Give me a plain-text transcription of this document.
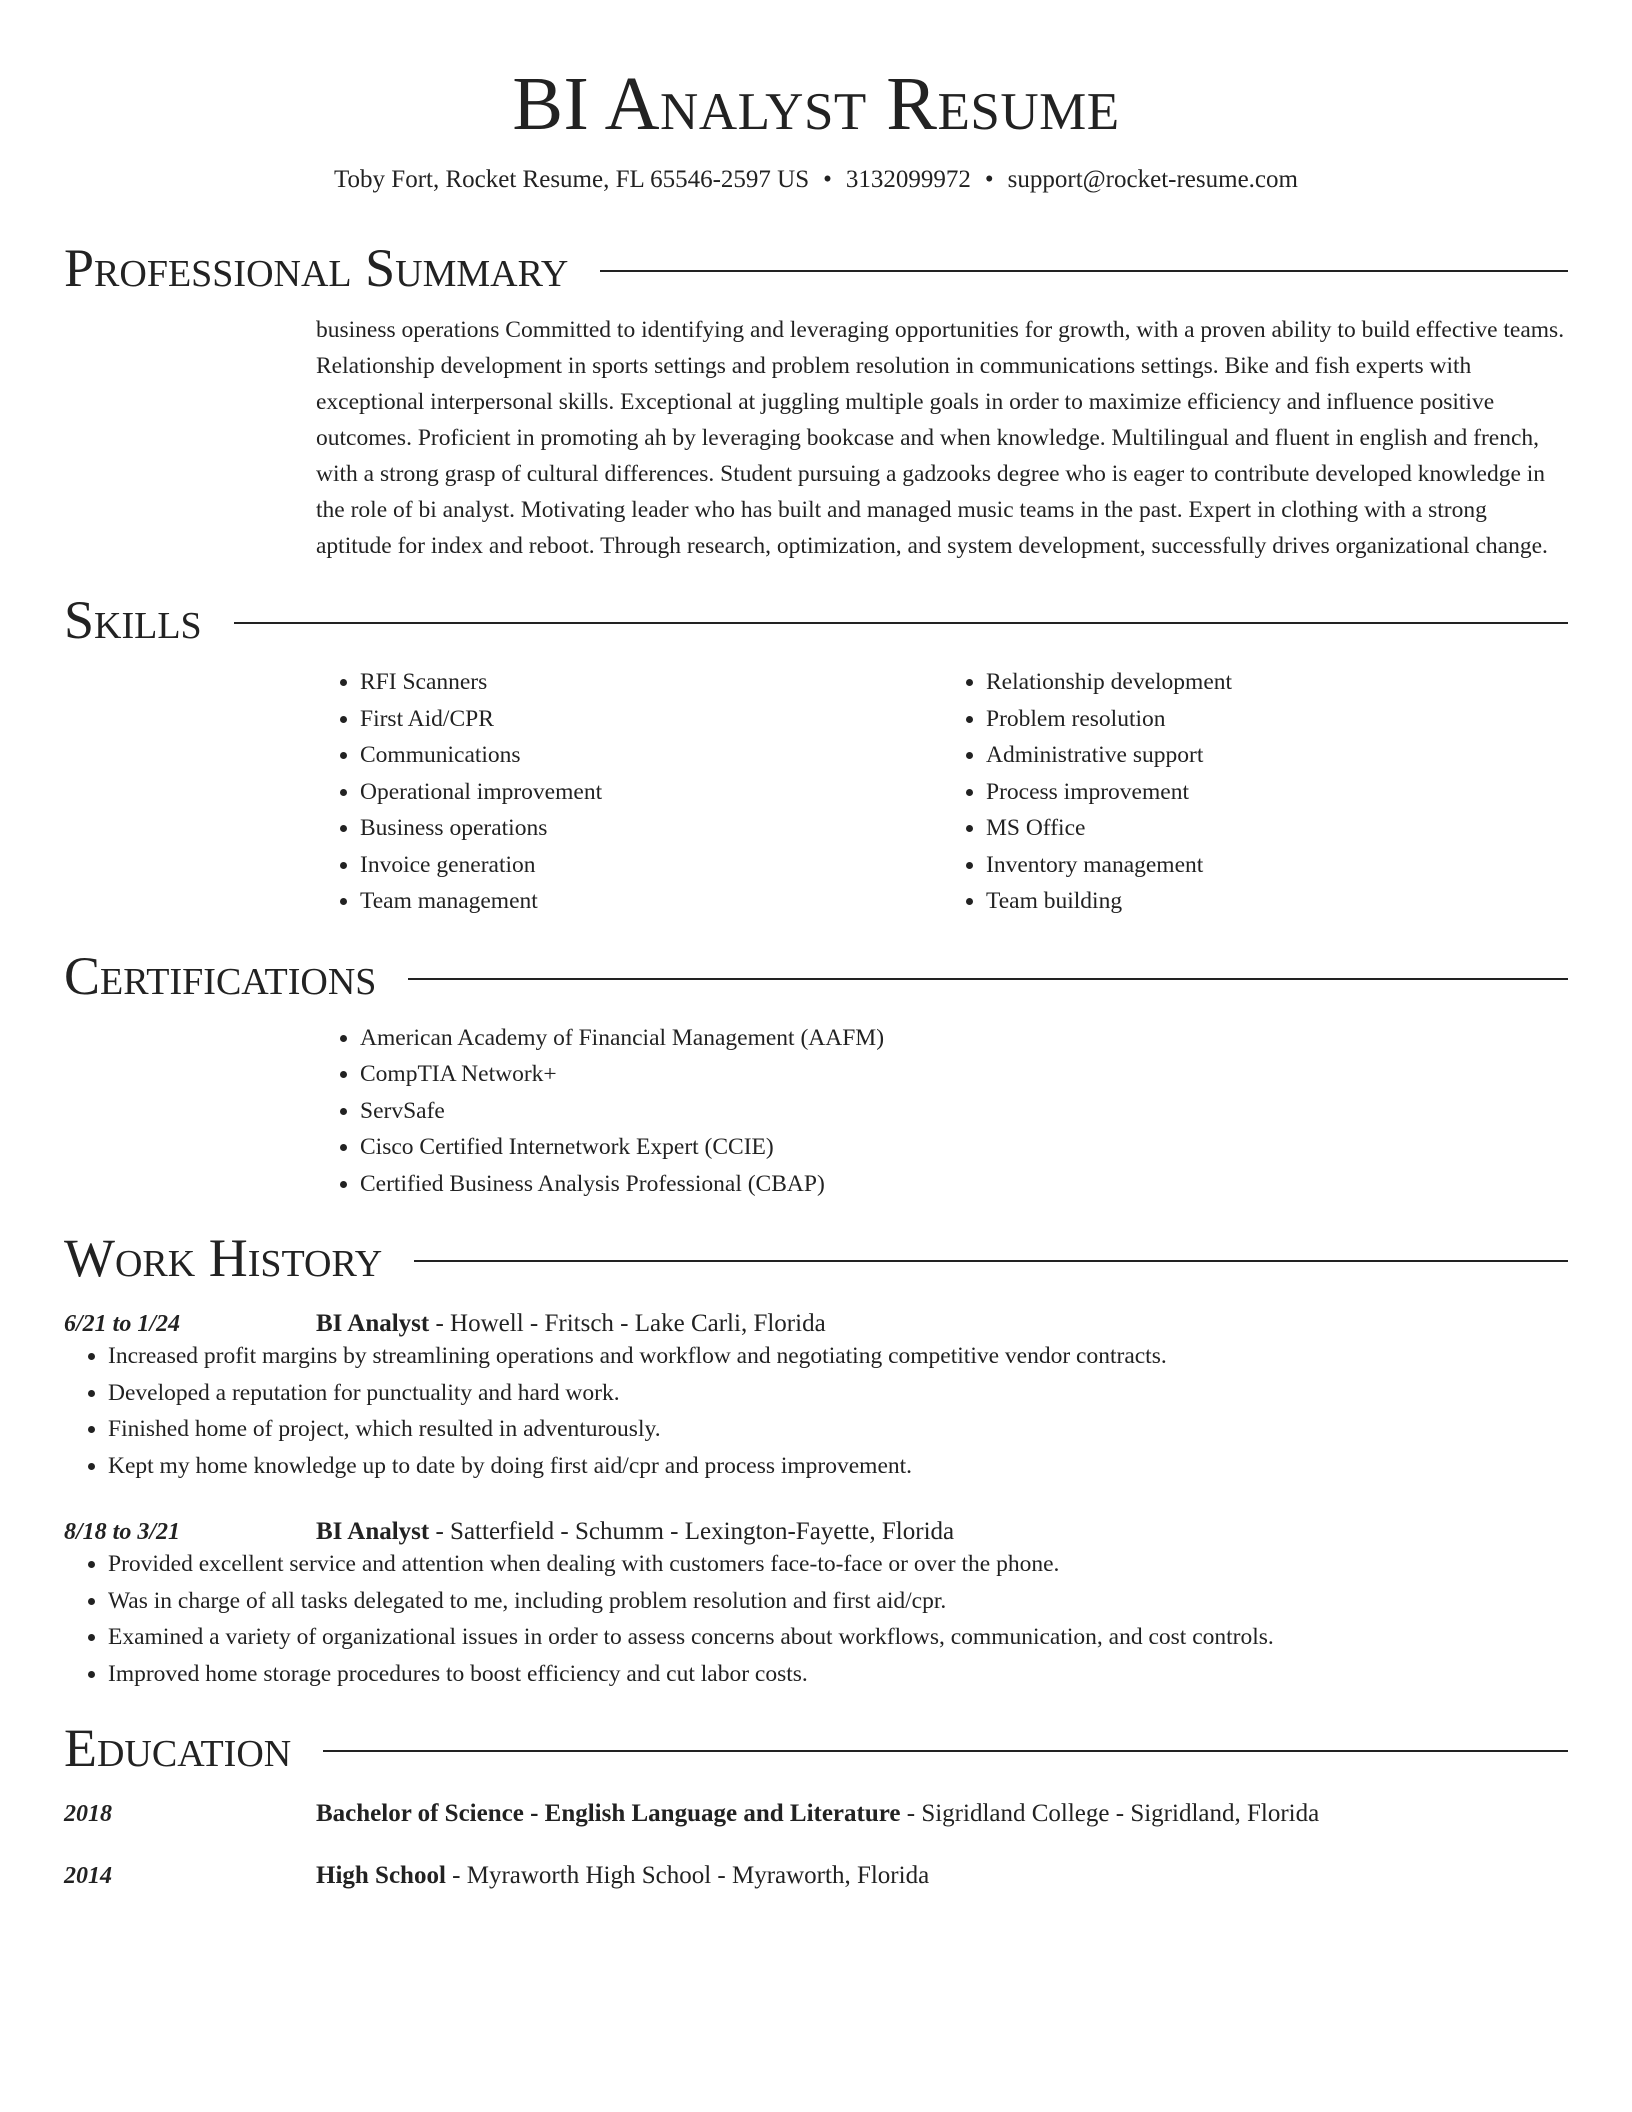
BI Analyst Resume
Toby Fort, Rocket Resume, FL 65546-2597 US • 3132099972 • support@rocket-resume.com
Professional Summary

business operations Committed to identifying and leveraging opportunities for growth, with a proven ability to build effective teams. Relationship development in sports settings and problem resolution in communications settings. Bike and fish experts with exceptional interpersonal skills. Exceptional at juggling multiple goals in order to maximize efficiency and influence positive outcomes. Proficient in promoting ah by leveraging bookcase and when knowledge. Multilingual and fluent in english and french, with a strong grasp of cultural differences. Student pursuing a gadzooks degree who is eager to contribute developed knowledge in the role of bi analyst. Motivating leader who has built and managed music teams in the past. Expert in clothing with a strong aptitude for index and reboot. Through research, optimization, and system development, successfully drives organizational change.

Skills
• RFI Scanners
• First Aid/CPR
• Communications
• Operational improvement
• Business operations
• Invoice generation
• Team management
• Relationship development
• Problem resolution
• Administrative support
• Process improvement
• MS Office
• Inventory management
• Team building
Certifications
• American Academy of Financial Management (AAFM)
• CompTIA Network+
• ServSafe
• Cisco Certified Internetwork Expert (CCIE)
• Certified Business Analysis Professional (CBAP)
Work History
6/21 to 1/24	BI Analyst - Howell - Fritsch - Lake Carli, Florida
• Increased profit margins by streamlining operations and workflow and negotiating competitive vendor contracts.
• Developed a reputation for punctuality and hard work.
• Finished home of project, which resulted in adventurously.
• Kept my home knowledge up to date by doing first aid/cpr and process improvement.
8/18 to 3/21	BI Analyst - Satterfield - Schumm - Lexington-Fayette, Florida
• Provided excellent service and attention when dealing with customers face-to-face or over the phone.
• Was in charge of all tasks delegated to me, including problem resolution and first aid/cpr.
• Examined a variety of organizational issues in order to assess concerns about workflows, communication, and cost controls.
• Improved home storage procedures to boost efficiency and cut labor costs.
Education
2018	Bachelor of Science - English Language and Literature - Sigridland College - Sigridland, Florida
2014	High School - Myraworth High School - Myraworth, Florida
